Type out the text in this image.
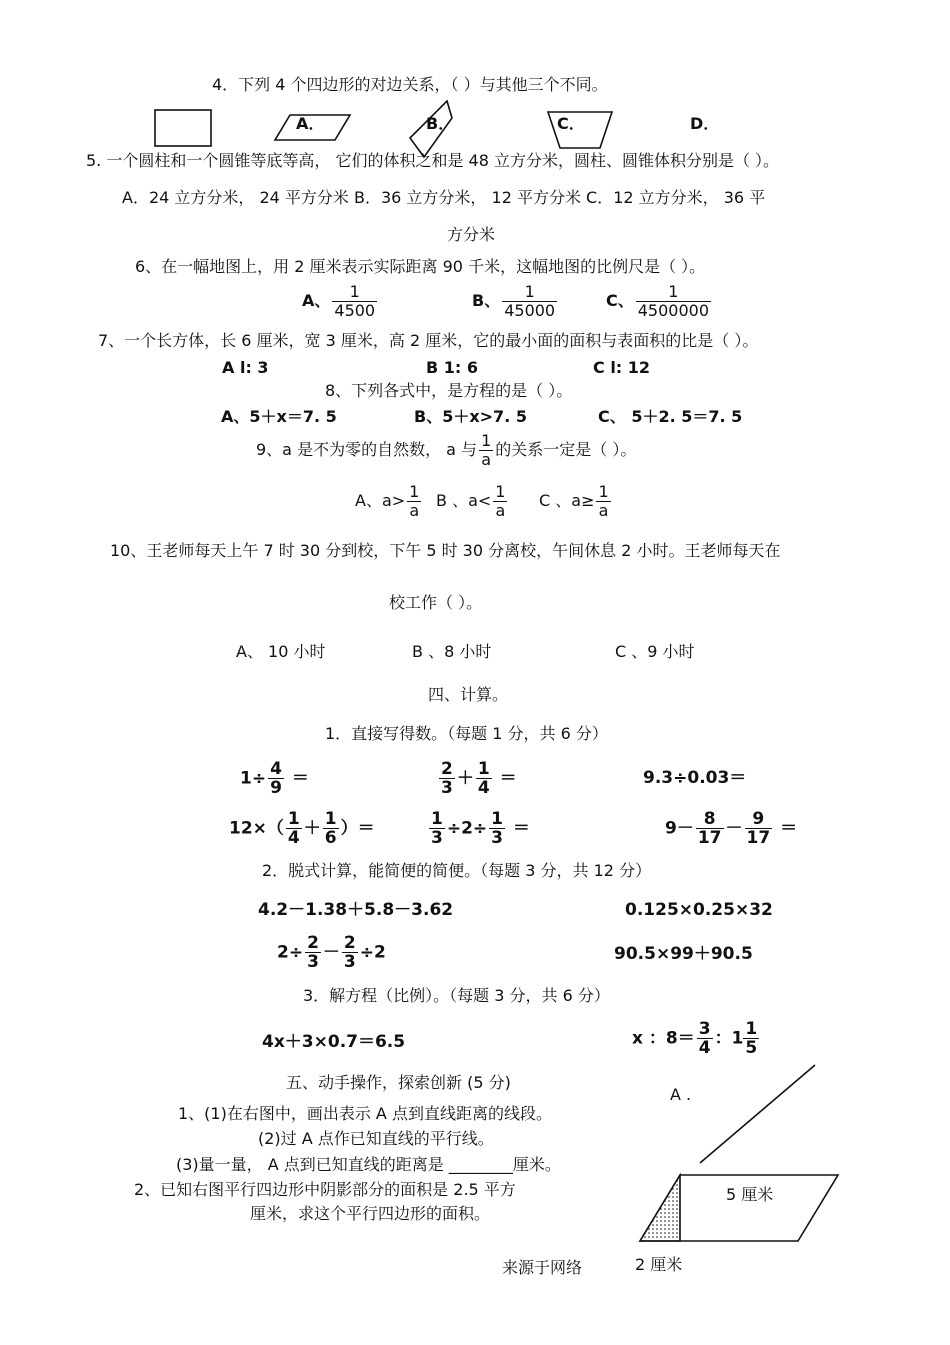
4．下列 4 个四边形的对边关系，（ ）与其他三个不同。
A．	B．	C．	D．
5. 一个圆柱和一个圆锥等底等高， 它们的体积之和是 48 立方分米，圆柱、圆锥体积分别是（ ）。
A．24 立方分米， 24 平方分米 B．36 立方分米， 12 平方分米 C．12 立方分米， 36 平
方分米
6、在一幅地图上，用 2 厘米表示实际距离 90 千米，这幅地图的比例尺是（ ）。
A、 $\frac{1}{4500}$	B、 $\frac{1}{45000}$	C、 $\frac{1}{4500000}$
7、一个长方体，长 6 厘米，宽 3 厘米，高 2 厘米，它的最小面的面积与表面积的比是（ ）。
A l: 3	B 1: 6	C l: 12
8、下列各式中，是方程的是（ ）。
A、5＋x＝7. 5	B、5＋x>7. 5	C、 5＋2. 5＝7. 5
9、a 是不为零的自然数， a 与 $\frac{1}{a}$ 的关系一定是（ ）。
A、$a> \frac{1}{a}$ B 、$a< \frac{1}{a}$ C 、$a\ge \frac{1}{a}$
10、王老师每天上午 7 时 30 分到校，下午 5 时 30 分离校，午间休息 2 小时。王老师每天在
校工作（ ）。
A、 10 小时	B 、8 小时	C 、9 小时
四、计算。
1．直接写得数。（每题 1 分，共 6 分）
$1\div \frac{4}{9}$ ＝	$\frac{2}{3} + \frac{1}{4}$ ＝	9.3÷0.03＝
$12\times( \frac{1}{4} + \frac{1}{6}$ ）＝	$\frac{1}{3} \div 2\div \frac{1}{3}$ ＝	$9- \frac{8}{17} - \frac{9}{17}$ ＝
2．脱式计算，能简便的简便。（每题 3 分，共 12 分）
4.2－1.38＋5.8－3.62	0.125×0.25×32
$2\div \frac{2}{3} - \frac{2}{3} \div 2$	90.5×99＋90.5
3．解方程（比例）。（每题 3 分，共 6 分）
4x＋3×0.7＝6.5	x ：$8= \frac{3}{4}$ ：$1 \frac{1}{5}$
五、动手操作，探索创新 (5 分)
1、(1)在右图中，画出表示 A 点到直线距离的线段。
(2)过 A 点作已知直线的平行线。
(3)量一量， A 点到已知直线的距离是 ________厘米。
2、已知右图平行四边形中阴影部分的面积是 2.5 平方
厘米，求这个平行四边形的面积。
A .
5 厘米
2 厘米
来源于网络
